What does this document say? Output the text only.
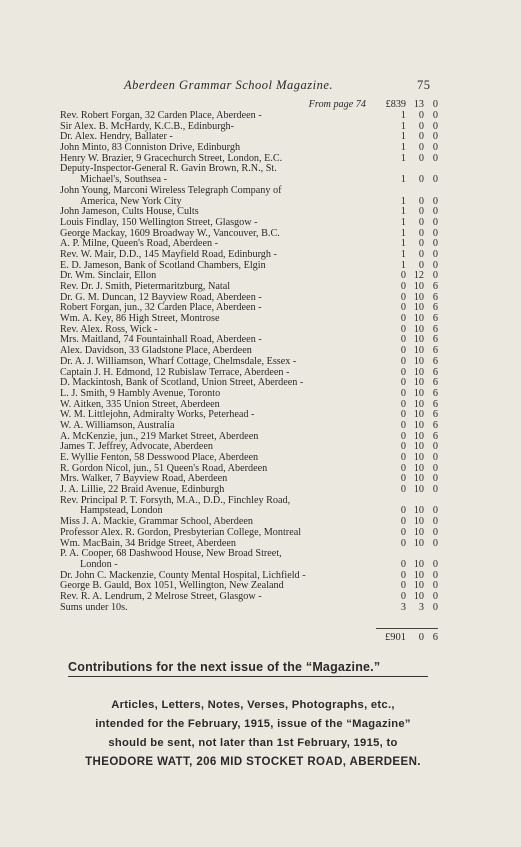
Aberdeen Grammar School Magazine.	75
From page 74	£839 13 0
Rev. Robert Forgan, 32 Carden Place, Aberdeen -	1	0 0
Sir Alex. B. McHardy, K.C.B., Edinburgh-	1	0 0
Dr. Alex. Hendry, Ballater -	1	0 0
John Minto, 83 Conniston Drive, Edinburgh	1	0 0
Henry W. Brazier, 9 Gracechurch Street, London, E.C.	1	0 0
Deputy-Inspector-General R. Gavin Brown, R.N., St.
Michael's, Southsea -	1	0 0
John Young, Marconi Wireless Telegraph Company of
America, New York City	1	0 0
John Jameson, Cults House, Cults	1	0 0
Louis Findlay, 150 Wellington Street, Glasgow -	1	0 0
George Mackay, 1609 Broadway W., Vancouver, B.C.	1	0 0
A. P. Milne, Queen's Road, Aberdeen -	1	0 0
Rev. W. Mair, D.D., 145 Mayfield Road, Edinburgh -	1	0 0
E. D. Jameson, Bank of Scotland Chambers, Elgin	1	0 0
Dr. Wm. Sinclair, Ellon	0 12 0
Rev. Dr. J. Smith, Pietermaritzburg, Natal	0 10 6
Dr. G. M. Duncan, 12 Bayview Road, Aberdeen -	0 10 6
Robert Forgan, jun., 32 Carden Place, Aberdeen -	0 10 6
Wm. A. Key, 86 High Street, Montrose	0 10 6
Rev. Alex. Ross, Wick -	0 10 6
Mrs. Maitland, 74 Fountainhall Road, Aberdeen -	0 10 6
Alex. Davidson, 33 Gladstone Place, Aberdeen	0 10 6
Dr. A. J. Williamson, Wharf Cottage, Chelmsdale, Essex -	0 10 6
Captain J. H. Edmond, 12 Rubislaw Terrace, Aberdeen -	0 10 6
D. Mackintosh, Bank of Scotland, Union Street, Aberdeen -	0 10 6
L. J. Smith, 9 Hambly Avenue, Toronto	0 10 6
W. Aitken, 335 Union Street, Aberdeen	0 10 6
W. M. Littlejohn, Admiralty Works, Peterhead -	0 10 6
W. A. Williamson, Australia	0 10 6
A. McKenzie, jun., 219 Market Street, Aberdeen	0 10 6
James T. Jeffrey, Advocate, Aberdeen	0 10 0
E. Wyllie Fenton, 58 Desswood Place, Aberdeen	0 10 0
R. Gordon Nicol, jun., 51 Queen's Road, Aberdeen	0 10 0
Mrs. Walker, 7 Bayview Road, Aberdeen	0 10 0
J. A. Lillie, 22 Braid Avenue, Edinburgh	0 10 0
Rev. Principal P. T. Forsyth, M.A., D.D., Finchley Road,
Hampstead, London	0 10 0
Miss J. A. Mackie, Grammar School, Aberdeen	0 10 0
Professor Alex. R. Gordon, Presbyterian College, Montreal	0 10 0
Wm. MacBain, 34 Bridge Street, Aberdeen	0 10 0
P. A. Cooper, 68 Dashwood House, New Broad Street,
London -	0 10 0
Dr. John C. Mackenzie, County Mental Hospital, Lichfield -	0 10 0
George B. Gauld, Box 1051, Wellington, New Zealand	0 10 0
Rev. R. A. Lendrum, 2 Melrose Street, Glasgow -	0 10 0
Sums under 10s.	3	3 0
£901	0 6
Contributions for the next issue of the “Magazine.”
Articles, Letters, Notes, Verses, Photographs, etc.,
intended for the February, 1915, issue of the “Magazine”
should be sent, not later than 1st February, 1915, to
THEODORE WATT, 206 MID STOCKET ROAD, ABERDEEN.
